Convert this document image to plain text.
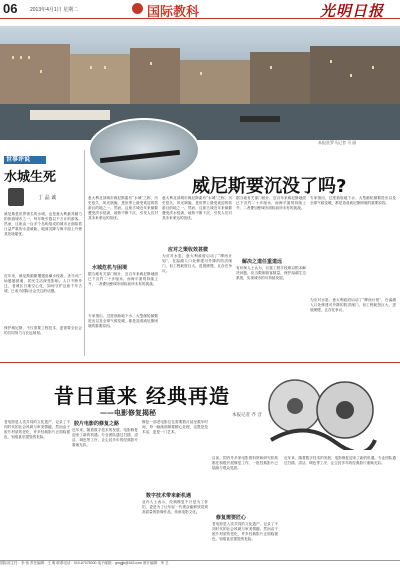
06	2013年4月1日 星期二	国际教科	光明日报
本报驻罗马记者 马 丽
威尼斯要沉没了吗?
世事评说
水城生死
丁 晶 诚
威尼斯是世界著名的水城，也是意大利最具魅力的旅游城市之一，每年吸引数以千万计的游客。然而，这座由一百多个岛屿组成的城市正面临着日益严重的水患威胁，地面沉降与海平面上升使其处境堪忧。
近年来，威尼斯频繁遭遇高潮水侵袭，圣马可广场屡屡被淹，居民生活深受影响。人口不断外迁，老城区日渐空心化，如何守护这座千年古城，已成为国际社会关注的话题。
保护威尼斯，不仅需要工程技术，更需要全社会的共同努力与长远规划。
意大利北部城市威尼斯素有“水城”之称，历史悠久，风光旖旎，是世界上最受欢迎的旅游目的地之一。然而，这座古城近年来频繁遭受洪水侵袭，地势不断下沉，引发人们对其未来命运的担忧。
水城危机与困境
据当地有关部门统计，近百年来威尼斯地面已下沉约二十多厘米，而海平面则持续上升，二者叠加使城市面临前所未有的挑战。
专家指出，过度抽取地下水、大型邮轮频繁进出以及全球气候变暖，都是造成威尼斯困境的重要原因。
意大利北部城市威尼斯素有“水城”之称，历史悠久，风光旖旎，是世界上最受欢迎的旅游目的地之一。然而，这座古城近年来频繁遭受洪水侵袭，地势不断下沉，引发人们对其未来命运的担忧。
应对之策收效甚微
为应对水患，意大利政府启动了“摩西计划”，在潟湖入口处修建可升降的防洪闸门，但工程耗资巨大，进展缓慢，且存在争议。
据当地有关部门统计，近百年来威尼斯地面已下沉约二十多厘米，而海平面则持续上升，二者叠加使城市面临前所未有的挑战。
解决之道任重道远
有环保人士认为，仅靠工程手段难以根本解决问题，应当限制游客数量，保护潟湖生态系统，实现城市的可持续发展。
专家指出，过度抽取地下水、大型邮轮频繁进出以及全球气候变暖，都是造成威尼斯困境的重要原因。
为应对水患，意大利政府启动了“摩西计划”，在潟湖入口处修建可升降的防洪闸门，但工程耗资巨大，进展缓慢，且存在争议。
昔日重来 经典再造
——电影修复揭秘	本报记者 齐 音
老电影是人类共同的文化遗产，记录了不同时代的社会风貌与审美情趣。然而由于胶片材质的老化，许多经典影片正面临褪色、划痕甚至损毁的危险。
胶片电影的修复之路
近年来，随着数字技术的发展，电影修复迎来了新的机遇。专业团队通过扫描、清洁、调色等工序，让尘封多年的经典影片重焕光彩。
修复一部老电影往往需要数月甚至数年时间，每一帧画面都要精心处理，这既是技术活，更是一门艺术。
数字技术带来新机遇
业内人士表示，经典修复不只是为了怀旧，更是为了让年轻一代观众能够欣赏到高质量的影像作品，传承电影文化。
目前，国内外多家电影资料馆和研究机构都在积极开展修复工作，一批经典影片已陆续与观众见面。
修复需要匠心
老电影是人类共同的文化遗产，记录了不同时代的社会风貌与审美情趣。然而由于胶片材质的老化，许多经典影片正面临褪色、划痕甚至损毁的危险。
近年来，随着数字技术的发展，电影修复迎来了新的机遇。专业团队通过扫描、清洁、调色等工序，让尘封多年的经典影片重焕光彩。
国际部主任：李 伟 责任编辑：王 明 联系电话：010-67078000 电子邮箱：gmgjjk@163.com 照片编辑：李 卫
